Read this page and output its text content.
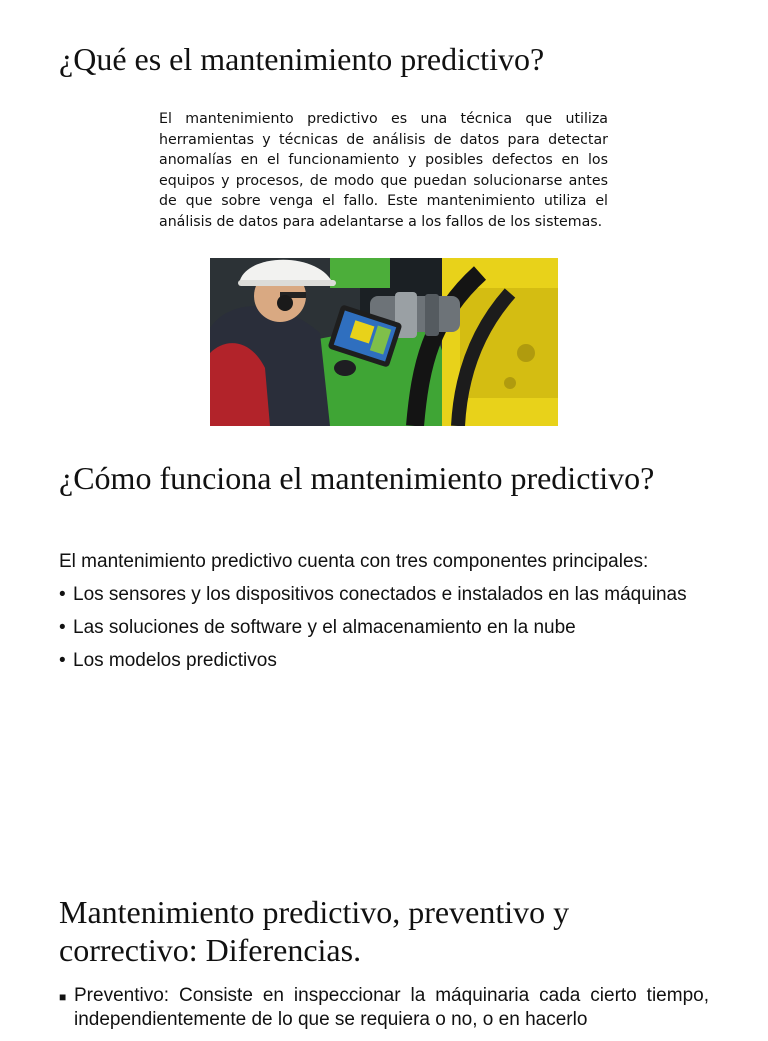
¿Qué es el mantenimiento predictivo?

El mantenimiento predictivo es una técnica que utiliza herramientas y técnicas de análisis de datos para detectar anomalías en el funcionamiento y posibles defectos en los equipos y procesos, de modo que puedan solucionarse antes de que sobre venga el fallo. Este mantenimiento utiliza el análisis de datos para adelantarse a los fallos de los sistemas.

¿Cómo funciona el mantenimiento predictivo?

El mantenimiento predictivo cuenta con tres componentes principales:

• Los sensores y los dispositivos conectados e instalados en las máquinas
• Las soluciones de software y el almacenamiento en la nube
• Los modelos predictivos
Mantenimiento predictivo, preventivo y correctivo: Diferencias.
■ Preventivo: Consiste en inspeccionar la máquinaria cada cierto tiempo, independientemente de lo que se requiera o no, o en hacerlo
